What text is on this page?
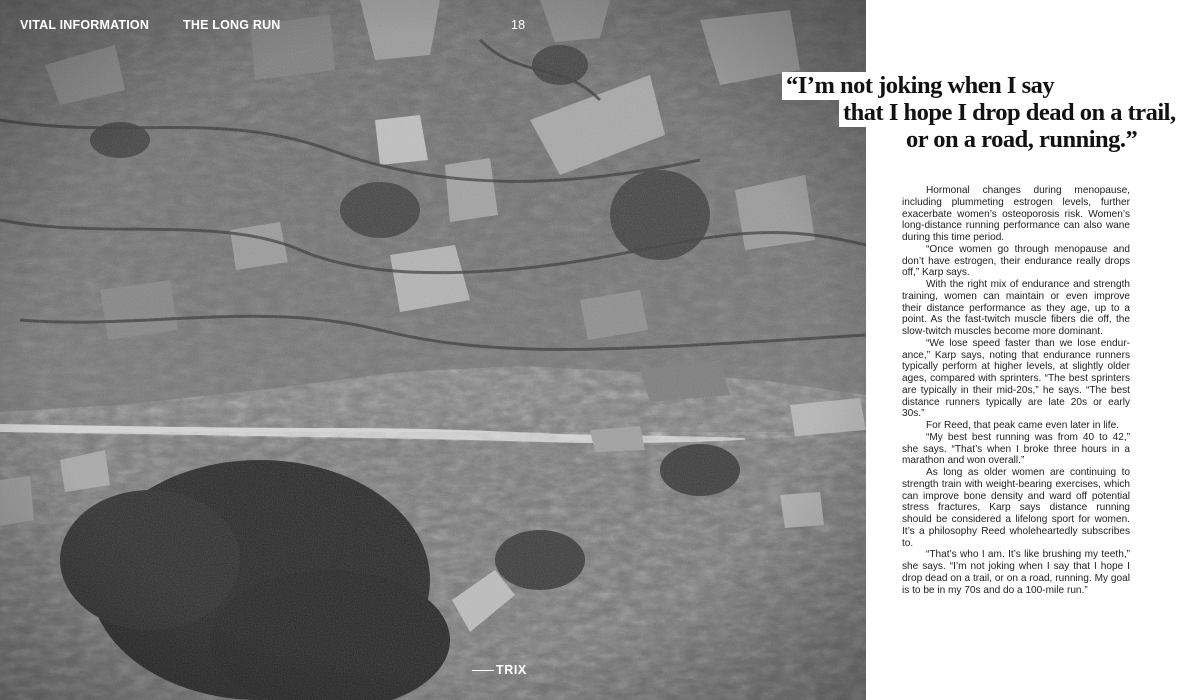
VITAL INFORMATION	THE LONG RUN	18
TRIX
“I’m not joking when I say
that I hope I drop dead on a trail,
or on a road, running.”

Hormonal changes during menopause, including plummeting estrogen levels, further exacerbate women’s osteoporosis risk. Women’s long-distance running performance can also wane during this time period.

“Once women go through menopause and don’t have estrogen, their endurance really drops off,” Karp says.

With the right mix of endurance and strength training, women can maintain or even improve their distance performance as they age, up to a point. As the fast-twitch muscle fibers die off, the slow-twitch muscles become more dominant.

“We lose speed faster than we lose endurance,” Karp says, noting that endurance runners typically perform at higher levels, at slightly older ages, compared with sprinters. “The best sprinters are typically in their mid-20s,” he says. “The best distance runners typically are late 20s or early 30s.”

For Reed, that peak came even later in life.

“My best best running was from 40 to 42,” she says. “That’s when I broke three hours in a marathon and won overall.”

As long as older women are continuing to strength train with weight-bearing exercises, which can improve bone density and ward off potential stress fractures, Karp says distance running should be considered a lifelong sport for women. It’s a philosophy Reed wholeheartedly subscribes to.

“That’s who I am. It’s like brushing my teeth,” she says. “I’m not joking when I say that I hope I drop dead on a trail, or on a road, running. My goal is to be in my 70s and do a 100-mile run.”
